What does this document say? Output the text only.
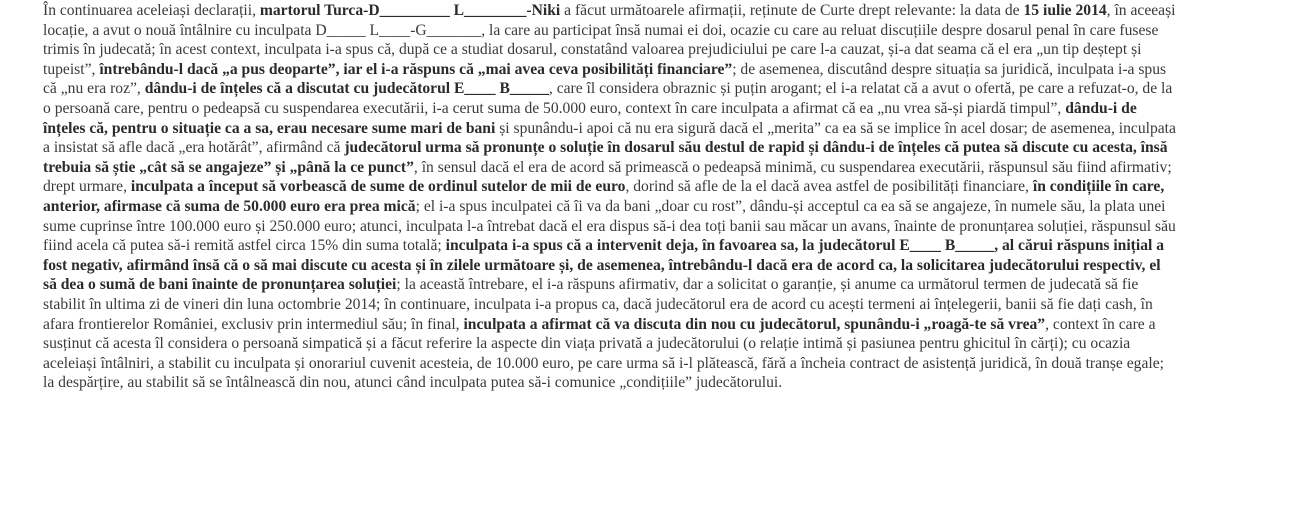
În continuarea aceleiași declarații, martorul Turca-D_________ L________-Niki a făcut următoarele afirmații, reținute de Curte drept relevante: la data de 15 iulie 2014, în aceeași locație, a avut o nouă întâlnire cu inculpata D_____ L____-G_______, la care au participat însă numai ei doi, ocazie cu care au reluat discuțiile despre dosarul penal în care fusese trimis în judecată; în acest context, inculpata i-a spus că, după ce a studiat dosarul, constatând valoarea prejudiciului pe care l-a cauzat, și-a dat seama că el era „un tip deștept și tupeist”, întrebându-l dacă „a pus deoparte”, iar el i-a răspuns că „mai avea ceva posibilități financiare”; de asemenea, discutând despre situația sa juridică, inculpata i-a spus că „nu era roz”, dându-i de înțeles că a discutat cu judecătorul E____ B_____, care îl considera obraznic și puțin arogant; el i-a relatat că a avut o ofertă, pe care a refuzat-o, de la o persoană care, pentru o pedeapsă cu suspendarea executării, i-a cerut suma de 50.000 euro, context în care inculpata a afirmat că ea „nu vrea să-și piardă timpul”, dându-i de înțeles că, pentru o situație ca a sa, erau necesare sume mari de bani și spunându-i apoi că nu era sigură dacă el „merita” ca ea să se implice în acel dosar; de asemenea, inculpata a insistat să afle dacă „era hotărât”, afirmând că judecătorul urma să pronunțe o soluție în dosarul său destul de rapid și dându-i de înțeles că putea să discute cu acesta, însă trebuia să știe „cât să se angajeze” și „până la ce punct”, în sensul dacă el era de acord să primească o pedeapsă minimă, cu suspendarea executării, răspunsul său fiind afirmativ; drept urmare, inculpata a început să vorbească de sume de ordinul sutelor de mii de euro, dorind să afle de la el dacă avea astfel de posibilități financiare, în condițiile în care, anterior, afirmase că suma de 50.000 euro era prea mică; el i-a spus inculpatei că îi va da bani „doar cu rost”, dându-și acceptul ca ea să se angajeze, în numele său, la plata unei sume cuprinse între 100.000 euro și 250.000 euro; atunci, inculpata l-a întrebat dacă el era dispus să-i dea toți banii sau măcar un avans, înainte de pronunțarea soluției, răspunsul său fiind acela că putea să-i remită astfel circa 15% din suma totală; inculpata i-a spus că a intervenit deja, în favoarea sa, la judecătorul E____ B_____, al cărui răspuns inițial a fost negativ, afirmând însă că o să mai discute cu acesta și în zilele următoare și, de asemenea, întrebându-l dacă era de acord ca, la solicitarea judecătorului respectiv, el să dea o sumă de bani înainte de pronunțarea soluției; la această întrebare, el i-a răspuns afirmativ, dar a solicitat o garanție, și anume ca următorul termen de judecată să fie stabilit în ultima zi de vineri din luna octombrie 2014; în continuare, inculpata i-a propus ca, dacă judecătorul era de acord cu acești termeni ai înțelegerii, banii să fie dați cash, în afara frontierelor României, exclusiv prin intermediul său; în final, inculpata a afirmat că va discuta din nou cu judecătorul, spunându-i „roagă-te să vrea”, context în care a susținut că acesta îl considera o persoană simpatică și a făcut referire la aspecte din viața privată a judecătorului (o relație intimă și pasiunea pentru ghicitul în cărți); cu ocazia aceleiași întâlniri, a stabilit cu inculpata și onorariul cuvenit acesteia, de 10.000 euro, pe care urma să i-l plătească, fără a încheia contract de asistență juridică, în două tranșe egale; la despărțire, au stabilit să se întâlnească din nou, atunci când inculpata putea să-i comunice „condițiile” judecătorului.
